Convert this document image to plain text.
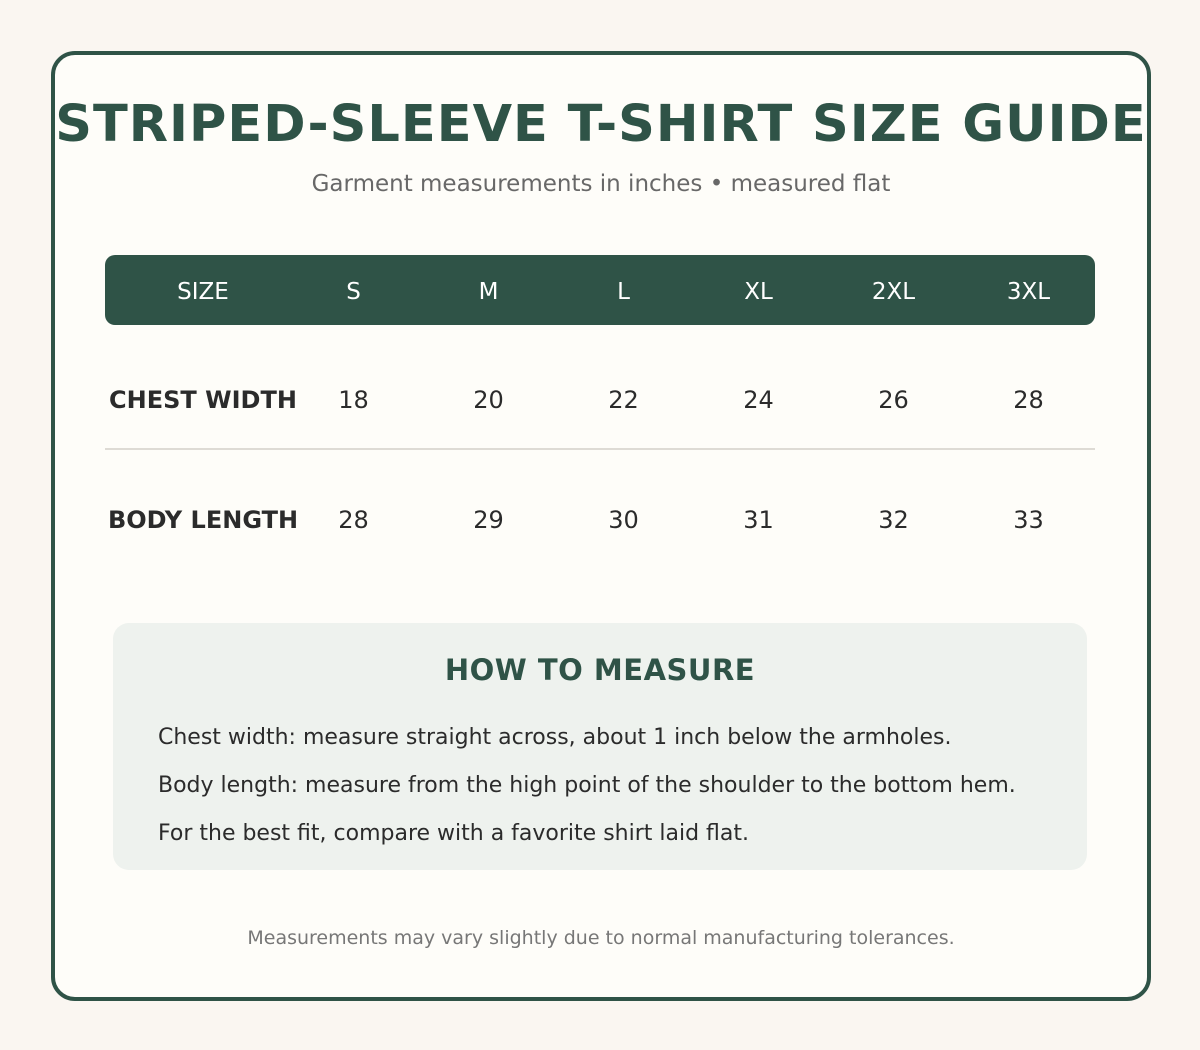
STRIPED-SLEEVE T-SHIRT SIZE GUIDE
Garment measurements in inches • measured flat
SIZE	S	M	L	XL	2XL	3XL
CHEST WIDTH	18	20	22	24	26	28
BODY LENGTH	28	29	30	31	32	33
HOW TO MEASURE
Chest width: measure straight across, about 1 inch below the armholes.
Body length: measure from the high point of the shoulder to the bottom hem.
For the best fit, compare with a favorite shirt laid flat.
Measurements may vary slightly due to normal manufacturing tolerances.
